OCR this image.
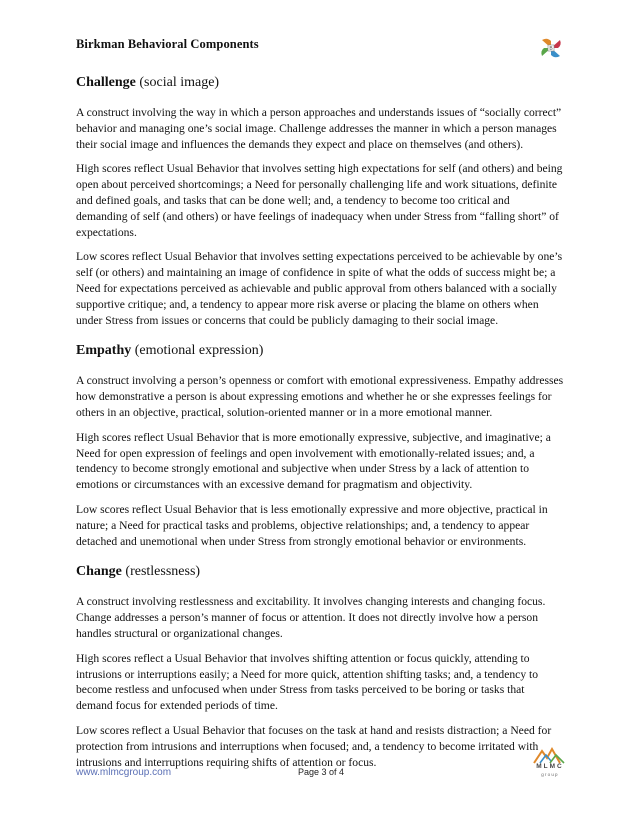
Birkman Behavioral Components	B
Challenge (social image)

A construct involving the way in which a person approaches and understands issues of “socially correct” behavior and managing one’s social image. Challenge addresses the manner in which a person manages their social image and influences the demands they expect and place on themselves (and others).

High scores reflect Usual Behavior that involves setting high expectations for self (and others) and being open about perceived shortcomings; a Need for personally challenging life and work situations, definite and defined goals, and tasks that can be done well; and, a tendency to become too critical and demanding of self (and others) or have feelings of inadequacy when under Stress from “falling short” of expectations.

Low scores reflect Usual Behavior that involves setting expectations perceived to be achievable by one’s self (or others) and maintaining an image of confidence in spite of what the odds of success might be; a Need for expectations perceived as achievable and public approval from others balanced with a socially supportive critique; and, a tendency to appear more risk averse or placing the blame on others when under Stress from issues or concerns that could be publicly damaging to their social image.

Empathy (emotional expression)

A construct involving a person’s openness or comfort with emotional expressiveness. Empathy addresses how demonstrative a person is about expressing emotions and whether he or she expresses feelings for others in an objective, practical, solution-oriented manner or in a more emotional manner.

High scores reflect Usual Behavior that is more emotionally expressive, subjective, and imaginative; a Need for open expression of feelings and open involvement with emotionally-related issues; and, a tendency to become strongly emotional and subjective when under Stress by a lack of attention to emotions or circumstances with an excessive demand for pragmatism and objectivity.

Low scores reflect Usual Behavior that is less emotionally expressive and more objective, practical in nature; a Need for practical tasks and problems, objective relationships; and, a tendency to appear detached and unemotional when under Stress from strongly emotional behavior or environments.

Change (restlessness)

A construct involving restlessness and excitability. It involves changing interests and changing focus. Change addresses a person’s manner of focus or attention. It does not directly involve how a person handles structural or organizational changes.

High scores reflect a Usual Behavior that involves shifting attention or focus quickly, attending to intrusions or interruptions easily; a Need for more quick, attention shifting tasks; and, a tendency to become restless and unfocused when under Stress from tasks perceived to be boring or tasks that demand focus for extended periods of time.

Low scores reflect a Usual Behavior that focuses on the task at hand and resists distraction; a Need for protection from intrusions and interruptions when focused; and, a tendency to become irritated with intrusions and interruptions requiring shifts of attention or focus.

www.mlmcgroup.com	Page 3 of 4
MLMC
group
